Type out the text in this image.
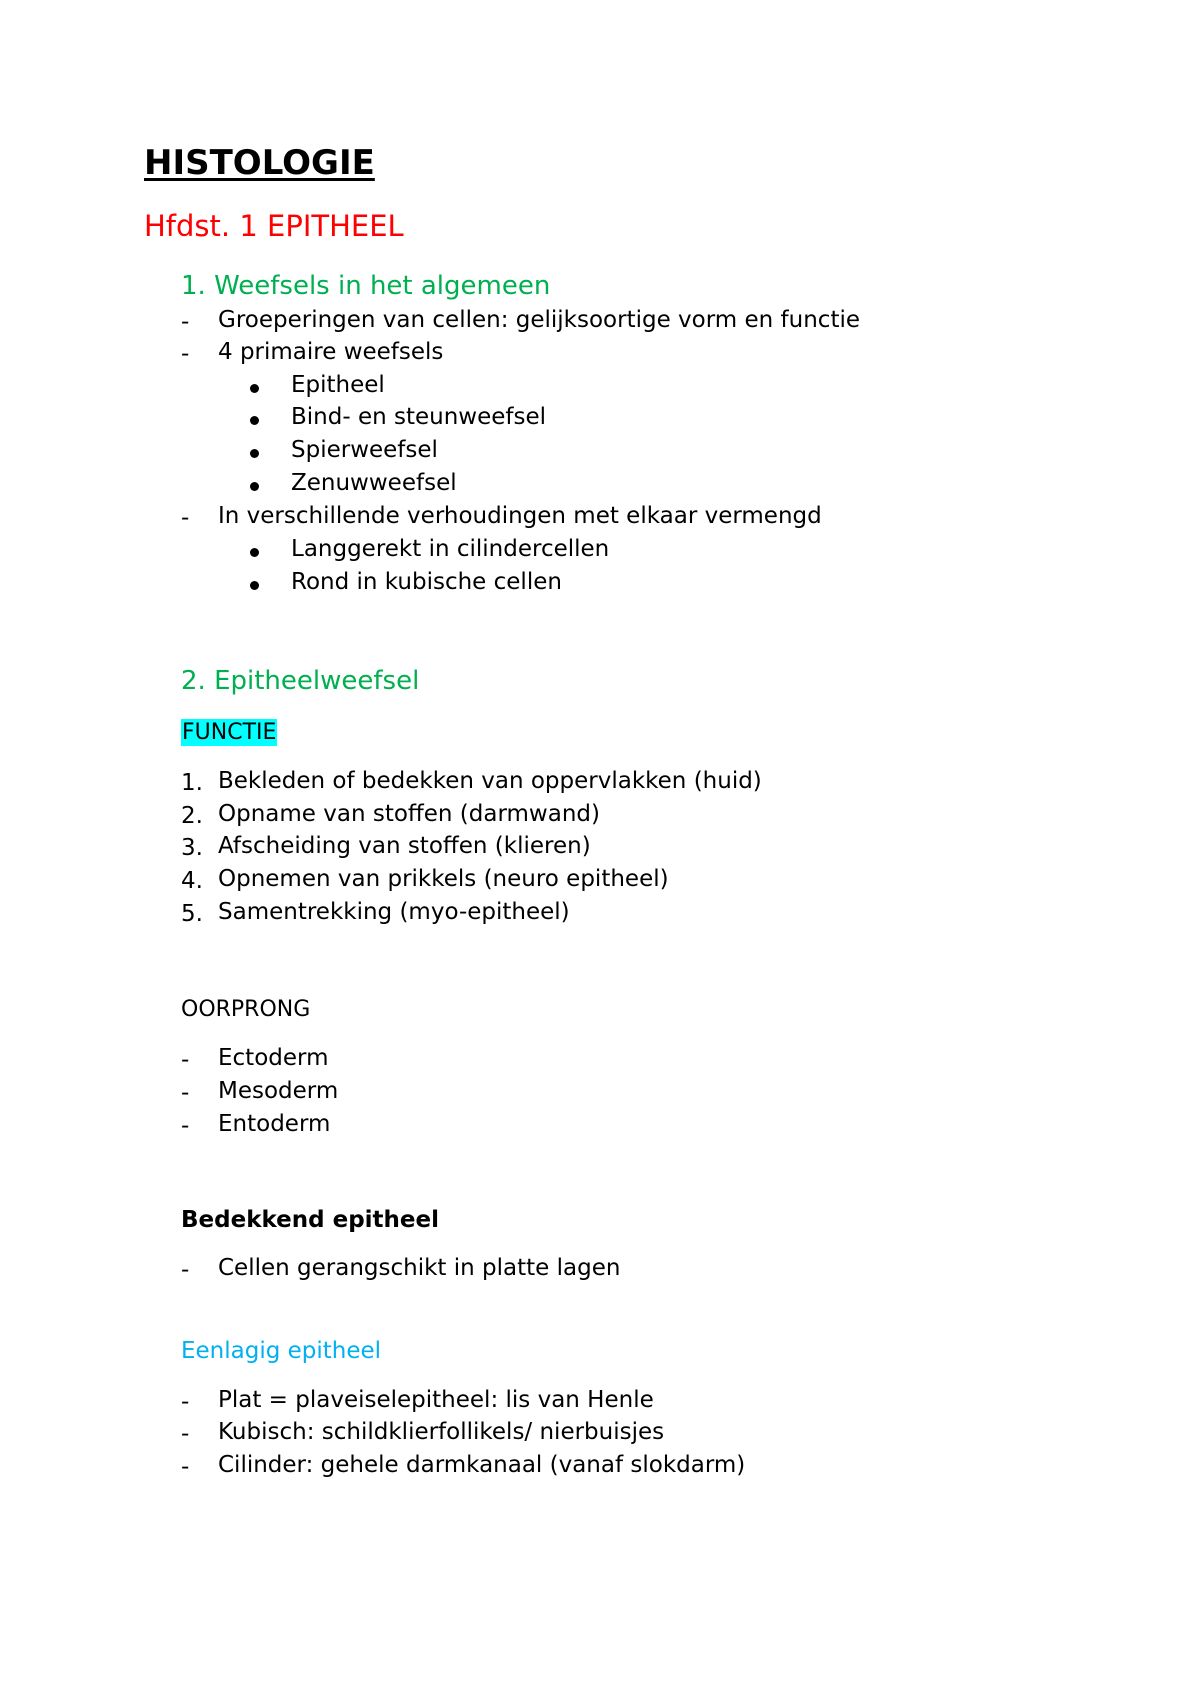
HISTOLOGIE
Hfdst. 1 EPITHEEL
1. Weefsels in het algemeen
- Groeperingen van cellen: gelijksoortige vorm en functie
- 4 primaire weefsels
Epitheel
Bind- en steunweefsel
Spierweefsel
Zenuwweefsel
- In verschillende verhoudingen met elkaar vermengd
Langgerekt in cilindercellen
Rond in kubische cellen
2. Epitheelweefsel
FUNCTIE
1. Bekleden of bedekken van oppervlakken (huid)
2. Opname van stoffen (darmwand)
3. Afscheiding van stoffen (klieren)
4. Opnemen van prikkels (neuro epitheel)
5. Samentrekking (myo-epitheel)
OORPRONG
- Ectoderm
- Mesoderm
- Entoderm
Bedekkend epitheel
- Cellen gerangschikt in platte lagen
Eenlagig epitheel
- Plat = plaveiselepitheel: lis van Henle
- Kubisch: schildklierfollikels/ nierbuisjes
- Cilinder: gehele darmkanaal (vanaf slokdarm)
